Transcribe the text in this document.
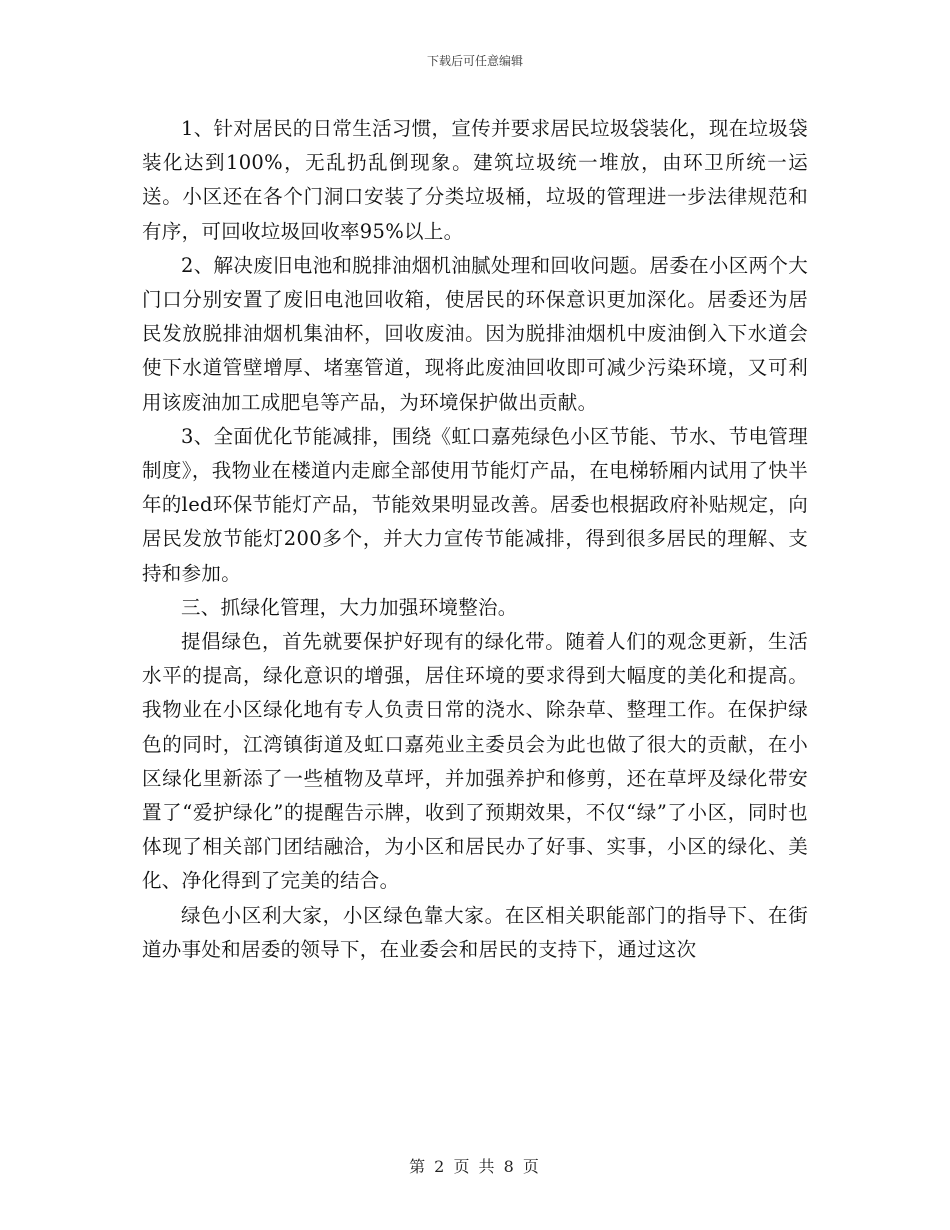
下载后可任意编辑

1、针对居民的日常生活习惯，宣传并要求居民垃圾袋装化，现在垃圾袋装化达到100%，无乱扔乱倒现象。建筑垃圾统一堆放，由环卫所统一运送。小区还在各个门洞口安装了分类垃圾桶，垃圾的管理进一步法律规范和有序，可回收垃圾回收率95%以上。

2、解决废旧电池和脱排油烟机油腻处理和回收问题。居委在小区两个大门口分别安置了废旧电池回收箱，使居民的环保意识更加深化。居委还为居民发放脱排油烟机集油杯，回收废油。因为脱排油烟机中废油倒入下水道会使下水道管壁增厚、堵塞管道，现将此废油回收即可减少污染环境，又可利用该废油加工成肥皂等产品，为环境保护做出贡献。

3、全面优化节能减排，围绕《虹口嘉苑绿色小区节能、节水、节电管理制度》，我物业在楼道内走廊全部使用节能灯产品，在电梯轿厢内试用了快半年的led环保节能灯产品，节能效果明显改善。居委也根据政府补贴规定，向居民发放节能灯200多个，并大力宣传节能减排，得到很多居民的理解、支持和参加。

三、抓绿化管理，大力加强环境整治。

提倡绿色，首先就要保护好现有的绿化带。随着人们的观念更新，生活水平的提高，绿化意识的增强，居住环境的要求得到大幅度的美化和提高。我物业在小区绿化地有专人负责日常的浇水、除杂草、整理工作。在保护绿色的同时，江湾镇街道及虹口嘉苑业主委员会为此也做了很大的贡献，在小区绿化里新添了一些植物及草坪，并加强养护和修剪，还在草坪及绿化带安置了“爱护绿化”的提醒告示牌，收到了预期效果，不仅“绿”了小区，同时也体现了相关部门团结融洽，为小区和居民办了好事、实事，小区的绿化、美化、净化得到了完美的结合。

绿色小区利大家，小区绿色靠大家。在区相关职能部门的指导下、在街道办事处和居委的领导下，在业委会和居民的支持下，通过这次

第 2 页 共 8 页
